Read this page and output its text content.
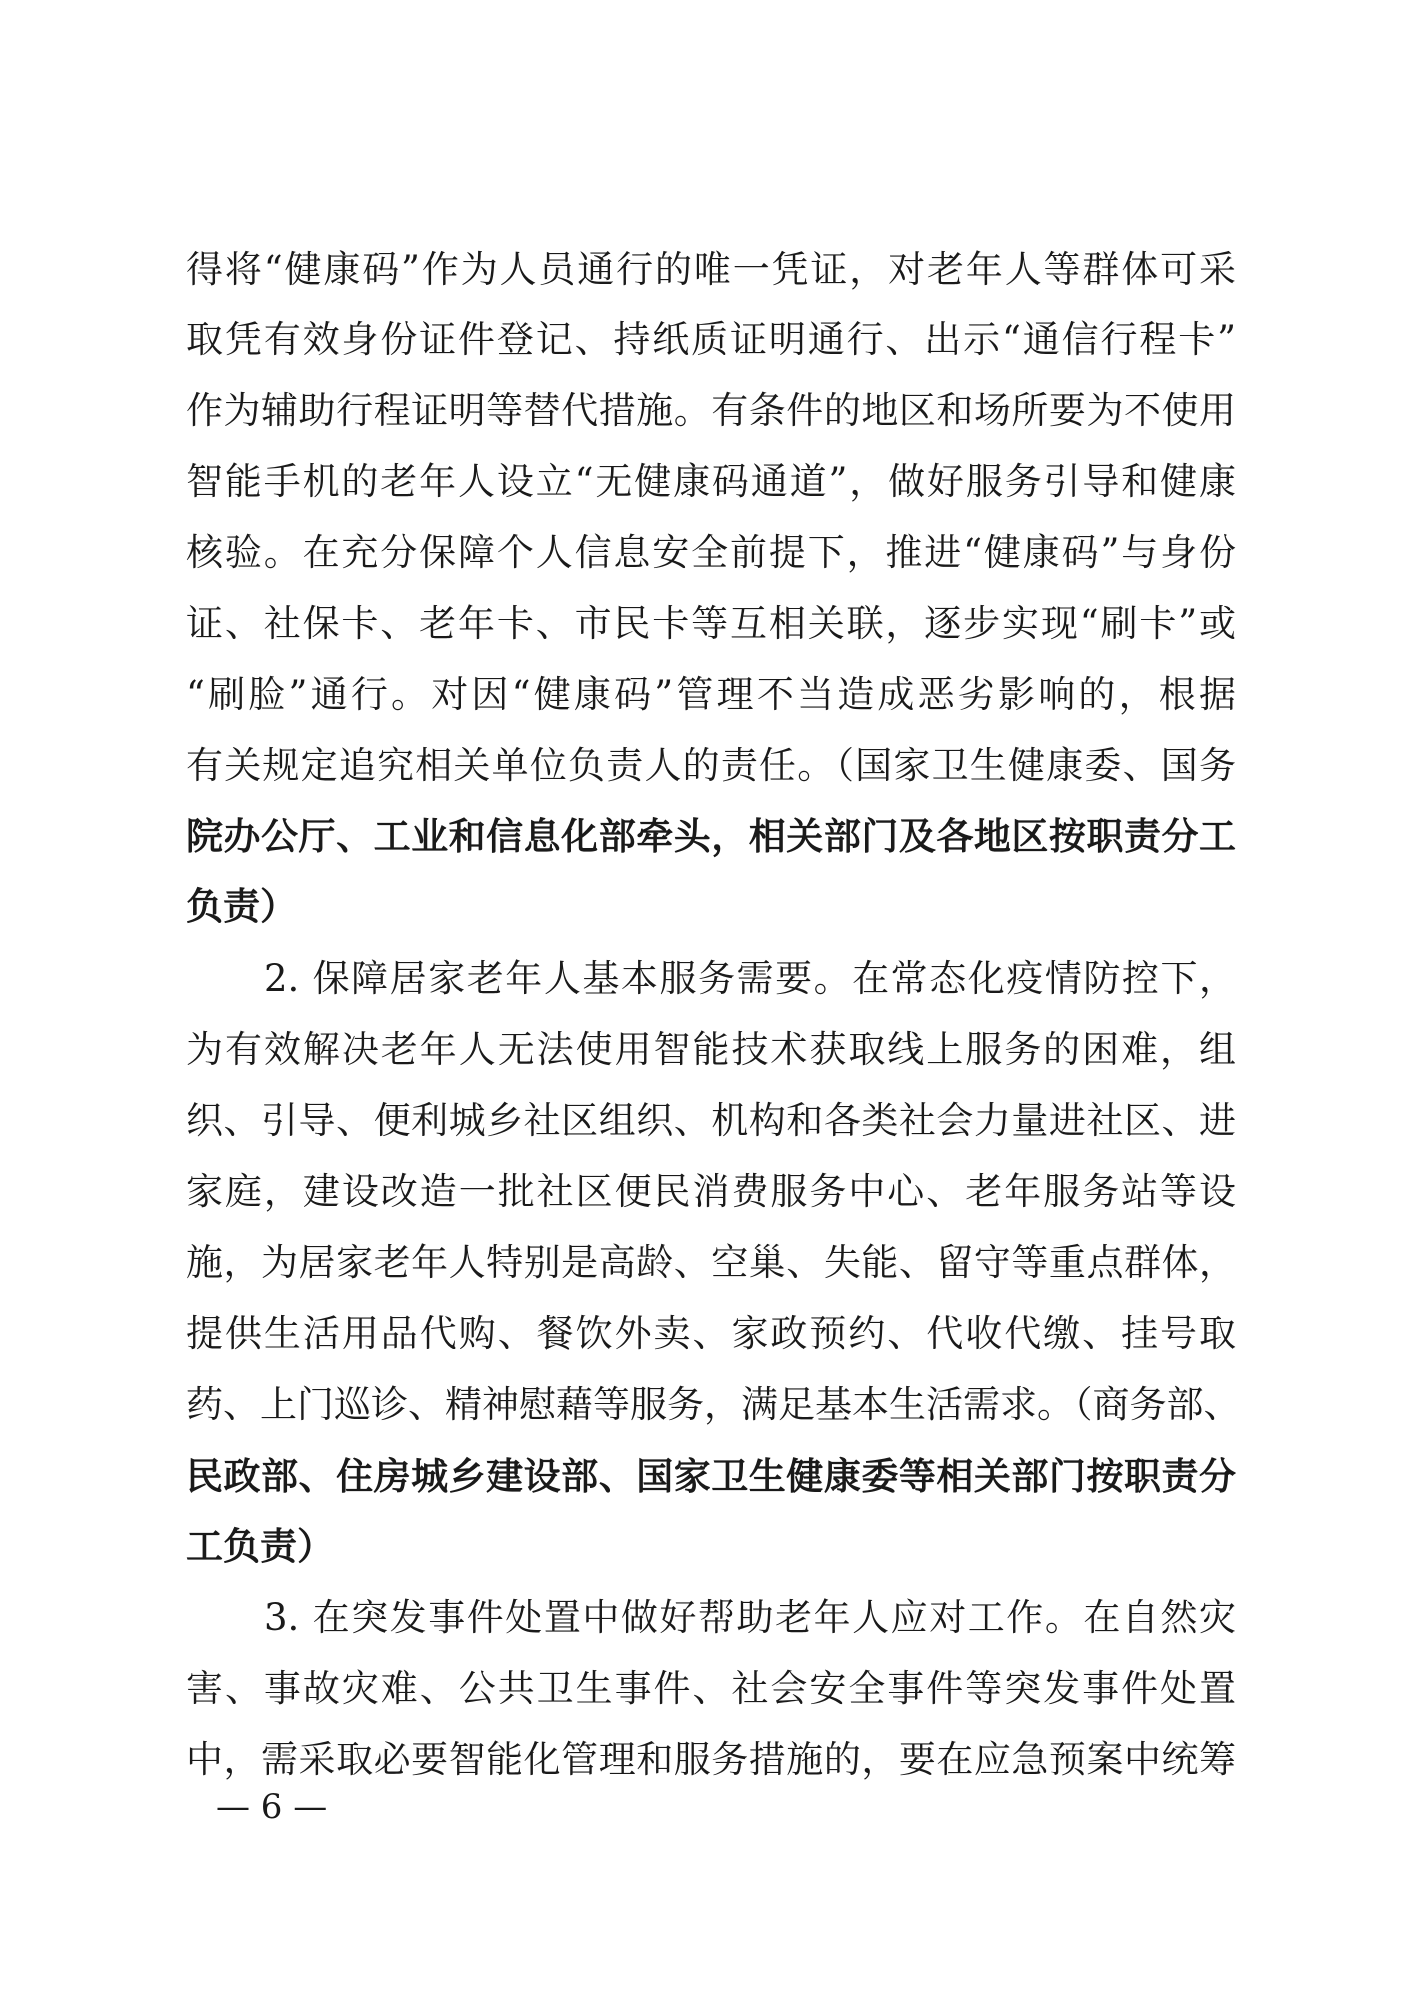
得将“健康码”作为人员通行的唯一凭证，对老年人等群体可采
取凭有效身份证件登记、持纸质证明通行、出示“通信行程卡”
作为辅助行程证明等替代措施。有条件的地区和场所要为不使用
智能手机的老年人设立“无健康码通道”，做好服务引导和健康
核验。在充分保障个人信息安全前提下，推进“健康码”与身份
证、社保卡、老年卡、市民卡等互相关联，逐步实现“刷卡”或
“刷脸”通行。对因“健康码”管理不当造成恶劣影响的，根据
有关规定追究相关单位负责人的责任。（国家卫生健康委、国务
院办公厅、工业和信息化部牵头，相关部门及各地区按职责分工
负责）
2. 保障居家老年人基本服务需要。在常态化疫情防控下，
为有效解决老年人无法使用智能技术获取线上服务的困难，组
织、引导、便利城乡社区组织、机构和各类社会力量进社区、进
家庭，建设改造一批社区便民消费服务中心、老年服务站等设
施，为居家老年人特别是高龄、空巢、失能、留守等重点群体，
提供生活用品代购、餐饮外卖、家政预约、代收代缴、挂号取
药、上门巡诊、精神慰藉等服务，满足基本生活需求。（商务部、
民政部、住房城乡建设部、国家卫生健康委等相关部门按职责分
工负责）
3. 在突发事件处置中做好帮助老年人应对工作。在自然灾
害、事故灾难、公共卫生事件、社会安全事件等突发事件处置
中，需采取必要智能化管理和服务措施的，要在应急预案中统筹
— 6 —
